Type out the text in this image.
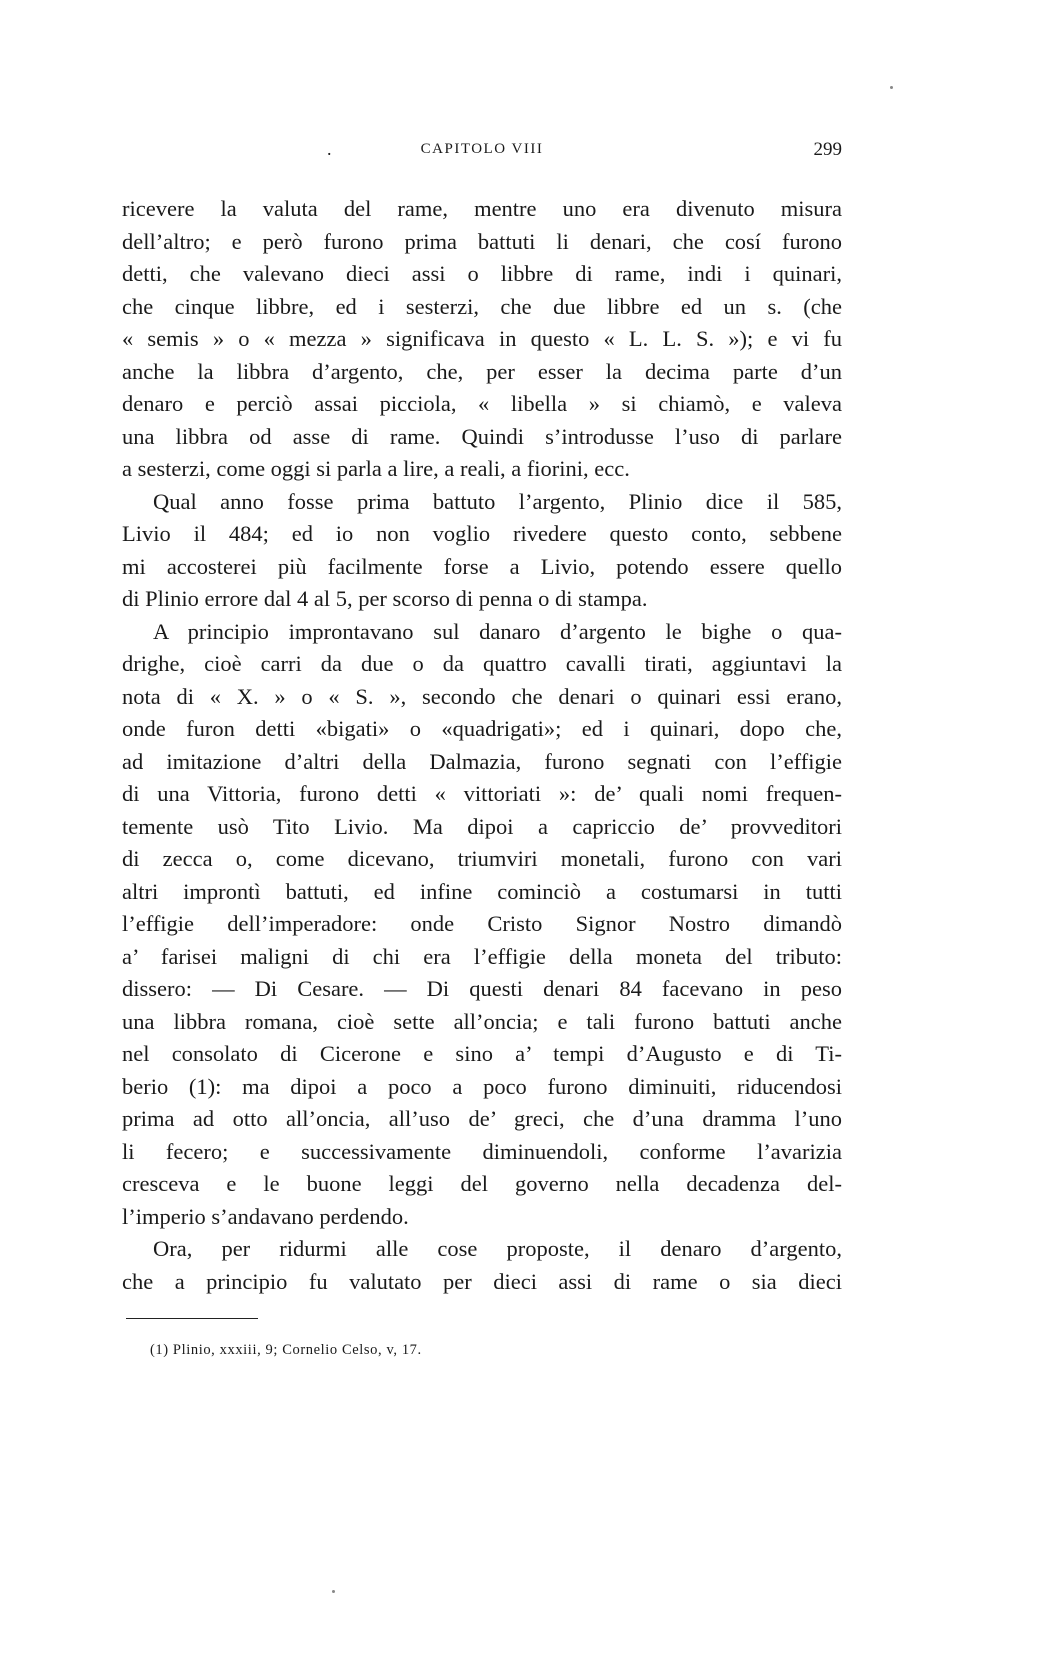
.	CAPITOLO VIII	299
ricevere la valuta del rame, mentre uno era divenuto misura
dell’altro; e però furono prima battuti li denari, che cosí furono
detti, che valevano dieci assi o libbre di rame, indi i quinari,
che cinque libbre, ed i sesterzi, che due libbre ed un s. (che
« semis » o « mezza » significava in questo « L. L. S. »); e vi fu
anche la libbra d’argento, che, per esser la decima parte d’un
denaro e perciò assai picciola, « libella » si chiamò, e valeva
una libbra od asse di rame. Quindi s’introdusse l’uso di parlare
a sesterzi, come oggi si parla a lire, a reali, a fiorini, ecc.
Qual anno fosse prima battuto l’argento, Plinio dice il 585,
Livio il 484; ed io non voglio rivedere questo conto, sebbene
mi accosterei più facilmente forse a Livio, potendo essere quello
di Plinio errore dal 4 al 5, per scorso di penna o di stampa.
A principio improntavano sul danaro d’argento le bighe o qua-
drighe, cioè carri da due o da quattro cavalli tirati, aggiuntavi la
nota di « X. » o « S. », secondo che denari o quinari essi erano,
onde furon detti «bigati» o «quadrigati»; ed i quinari, dopo che,
ad imitazione d’altri della Dalmazia, furono segnati con l’effigie
di una Vittoria, furono detti « vittoriati »: de’ quali nomi frequen-
temente usò Tito Livio. Ma dipoi a capriccio de’ provveditori
di zecca o, come dicevano, triumviri monetali, furono con vari
altri improntì battuti, ed infine cominciò a costumarsi in tutti
l’effigie dell’imperadore: onde Cristo Signor Nostro dimandò
a’ farisei maligni di chi era l’effigie della moneta del tributo:
dissero: — Di Cesare. — Di questi denari 84 facevano in peso
una libbra romana, cioè sette all’oncia; e tali furono battuti anche
nel consolato di Cicerone e sino a’ tempi d’Augusto e di Ti-
berio (1): ma dipoi a poco a poco furono diminuiti, riducendosi
prima ad otto all’oncia, all’uso de’ greci, che d’una dramma l’uno
li fecero; e successivamente diminuendoli, conforme l’avarizia
cresceva e le buone leggi del governo nella decadenza del-
l’imperio s’andavano perdendo.
Ora, per ridurmi alle cose proposte, il denaro d’argento,
che a principio fu valutato per dieci assi di rame o sia dieci
(1) Plinio, xxxiii, 9; Cornelio Celso, v, 17.
